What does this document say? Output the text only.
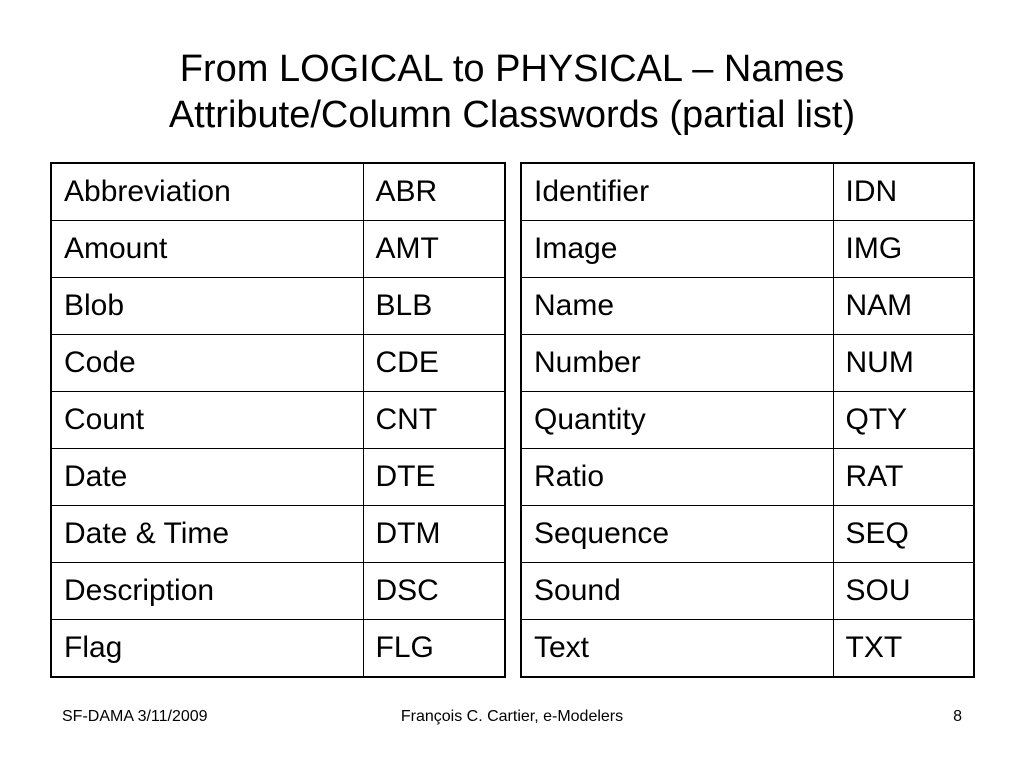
From LOGICAL to PHYSICAL – Names
Attribute/Column Classwords (partial list)
Abbreviation	ABR
Amount	AMT
Blob	BLB
Code	CDE
Count	CNT
Date	DTE
Date & Time	DTM
Description	DSC
Flag	FLG
Identifier	IDN
Image	IMG
Name	NAM
Number	NUM
Quantity	QTY
Ratio	RAT
Sequence	SEQ
Sound	SOU
Text	TXT
SF-DAMA 3/11/2009	François C. Cartier, e-Modelers	8
